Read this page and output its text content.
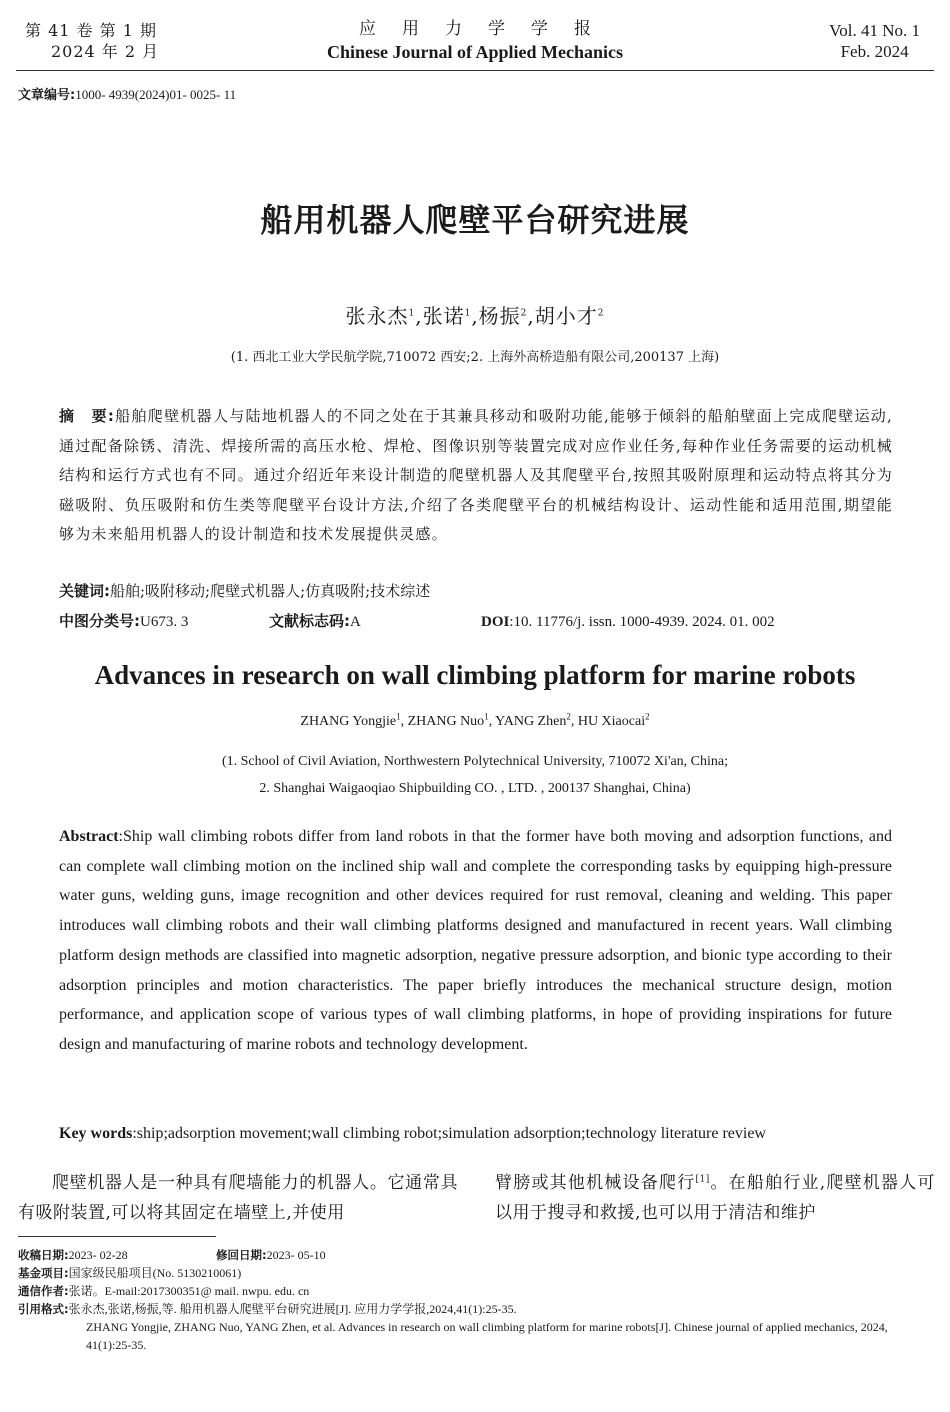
第 41 卷 第 1 期
2024 年 2 月
应用力学学报
Chinese Journal of Applied Mechanics
Vol. 41 No. 1
Feb. 2024
文章编号:1000- 4939(2024)01- 0025- 11
船用机器人爬壁平台研究进展
张永杰$^1$,张诺$^1$,杨振$^2$,胡小才$^2$
(1. 西北工业大学民航学院,710072 西安;2. 上海外高桥造船有限公司,200137 上海)
摘　要:船舶爬壁机器人与陆地机器人的不同之处在于其兼具移动和吸附功能,能够于倾斜的船舶壁面上完成爬壁运动,通过配备除锈、清洗、焊接所需的高压水枪、焊枪、图像识别等装置完成对应作业任务,每种作业任务需要的运动机械结构和运行方式也有不同。通过介绍近年来设计制造的爬壁机器人及其爬壁平台,按照其吸附原理和运动特点将其分为磁吸附、负压吸附和仿生类等爬壁平台设计方法,介绍了各类爬壁平台的机械结构设计、运动性能和适用范围,期望能够为未来船用机器人的设计制造和技术发展提供灵感。
关键词:船舶;吸附移动;爬壁式机器人;仿真吸附;技术综述
中图分类号:U673. 3	文献标志码:A	DOI:10. 11776/j. issn. 1000-4939. 2024. 01. 002
Advances in research on wall climbing platform for marine robots
ZHANG Yongjie$^1$, ZHANG Nuo$^1$, YANG Zhen$^2$, HU Xiaocai$^2$
(1. School of Civil Aviation, Northwestern Polytechnical University, 710072 Xi'an, China;
2. Shanghai Waigaoqiao Shipbuilding CO. , LTD. , 200137 Shanghai, China)
Abstract:Ship wall climbing robots differ from land robots in that the former have both moving and adsorption functions, and can complete wall climbing motion on the inclined ship wall and complete the corresponding tasks by equipping high-pressure water guns, welding guns, image recognition and other devices required for rust removal, cleaning and welding. This paper introduces wall climbing robots and their wall climbing platforms designed and manufactured in recent years. Wall climbing platform design methods are classified into magnetic adsorption, negative pressure adsorption, and bionic type according to their adsorption principles and motion characteristics. The paper briefly introduces the mechanical structure design, motion performance, and application scope of various types of wall climbing platforms, in hope of providing inspirations for future design and manufacturing of marine robots and technology development.
Key words:ship;adsorption movement;wall climbing robot;simulation adsorption;technology literature review
爬壁机器人是一种具有爬墙能力的机器人。它通常具有吸附装置,可以将其固定在墙壁上,并使用
臂膀或其他机械设备爬行[1]。在船舶行业,爬壁机器人可以用于搜寻和救援,也可以用于清洁和维护
收稿日期:2023- 02-28	修回日期:2023- 05-10
基金项目:国家级民船项目(No. 5130210061)
通信作者:张诺。E-mail:2017300351@ mail. nwpu. edu. cn
引用格式:张永杰,张诺,杨振,等. 船用机器人爬壁平台研究进展[J]. 应用力学学报,2024,41(1):25-35.
ZHANG Yongjie, ZHANG Nuo, YANG Zhen, et al. Advances in research on wall climbing platform for marine robots[J]. Chinese journal of applied mechanics, 2024, 41(1):25-35.
